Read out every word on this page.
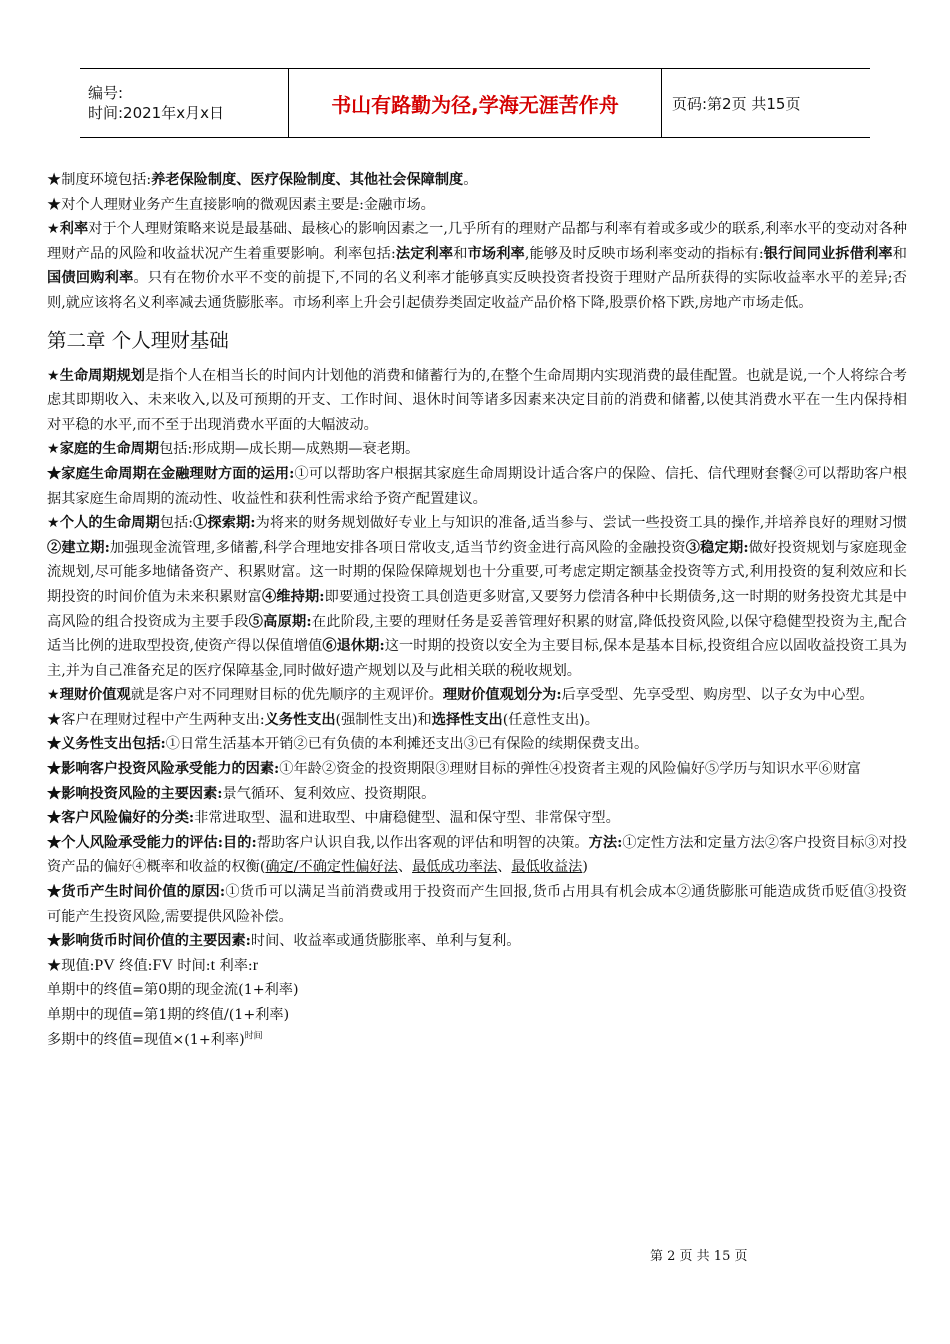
编号:
时间:2021年x月x日	书山有路勤为径,学海无涯苦作舟	页码:第2页 共15页

★制度环境包括:养老保险制度、医疗保险制度、其他社会保障制度。

★对个人理财业务产生直接影响的微观因素主要是:金融市场。

★利率对于个人理财策略来说是最基础、最核心的影响因素之一,几乎所有的理财产品都与利率有着或多或少的联系,利率水平的变动对各种理财产品的风险和收益状况产生着重要影响。利率包括:法定利率和市场利率,能够及时反映市场利率变动的指标有:银行间同业拆借利率和国债回购利率。只有在物价水平不变的前提下,不同的名义利率才能够真实反映投资者投资于理财产品所获得的实际收益率水平的差异;否则,就应该将名义利率减去通货膨胀率。市场利率上升会引起债券类固定收益产品价格下降,股票价格下跌,房地产市场走低。

第二章 个人理财基础

★生命周期规划是指个人在相当长的时间内计划他的消费和储蓄行为的,在整个生命周期内实现消费的最佳配置。也就是说,一个人将综合考虑其即期收入、未来收入,以及可预期的开支、工作时间、退休时间等诸多因素来决定目前的消费和储蓄,以使其消费水平在一生内保持相对平稳的水平,而不至于出现消费水平面的大幅波动。

★家庭的生命周期包括:形成期—成长期—成熟期—衰老期。

★家庭生命周期在金融理财方面的运用:①可以帮助客户根据其家庭生命周期设计适合客户的保险、信托、信代理财套餐②可以帮助客户根据其家庭生命周期的流动性、收益性和获利性需求给予资产配置建议。

★个人的生命周期包括:①探索期:为将来的财务规划做好专业上与知识的准备,适当参与、尝试一些投资工具的操作,并培养良好的理财习惯②建立期:加强现金流管理,多储蓄,科学合理地安排各项日常收支,适当节约资金进行高风险的金融投资③稳定期:做好投资规划与家庭现金流规划,尽可能多地储备资产、积累财富。这一时期的保险保障规划也十分重要,可考虑定期定额基金投资等方式,利用投资的复利效应和长期投资的时间价值为未来积累财富④维持期:即要通过投资工具创造更多财富,又要努力偿清各种中长期债务,这一时期的财务投资尤其是中高风险的组合投资成为主要手段⑤高原期:在此阶段,主要的理财任务是妥善管理好积累的财富,降低投资风险,以保守稳健型投资为主,配合适当比例的进取型投资,使资产得以保值增值⑥退休期:这一时期的投资以安全为主要目标,保本是基本目标,投资组合应以固收益投资工具为主,并为自己准备充足的医疗保障基金,同时做好遗产规划以及与此相关联的税收规划。

★理财价值观就是客户对不同理财目标的优先顺序的主观评价。理财价值观划分为:后享受型、先享受型、购房型、以子女为中心型。

★客户在理财过程中产生两种支出:义务性支出(强制性支出)和选择性支出(任意性支出)。

★义务性支出包括:①日常生活基本开销②已有负债的本利摊还支出③已有保险的续期保费支出。

★影响客户投资风险承受能力的因素:①年龄②资金的投资期限③理财目标的弹性④投资者主观的风险偏好⑤学历与知识水平⑥财富

★影响投资风险的主要因素:景气循环、复利效应、投资期限。

★客户风险偏好的分类:非常进取型、温和进取型、中庸稳健型、温和保守型、非常保守型。

★个人风险承受能力的评估:目的:帮助客户认识自我,以作出客观的评估和明智的决策。方法:①定性方法和定量方法②客户投资目标③对投资产品的偏好④概率和收益的权衡(确定/不确定性偏好法、最低成功率法、最低收益法)

★货币产生时间价值的原因:①货币可以满足当前消费或用于投资而产生回报,货币占用具有机会成本②通货膨胀可能造成货币贬值③投资可能产生投资风险,需要提供风险补偿。

★影响货币时间价值的主要因素:时间、收益率或通货膨胀率、单利与复利。

★现值:PV 终值:FV 时间:t 利率:r

单期中的终值=第0期的现金流(1+利率)

单期中的现值=第1期的终值/(1+利率)

多期中的终值=现值×(1+利率)$^{时间}$

第 2 页 共 15 页
